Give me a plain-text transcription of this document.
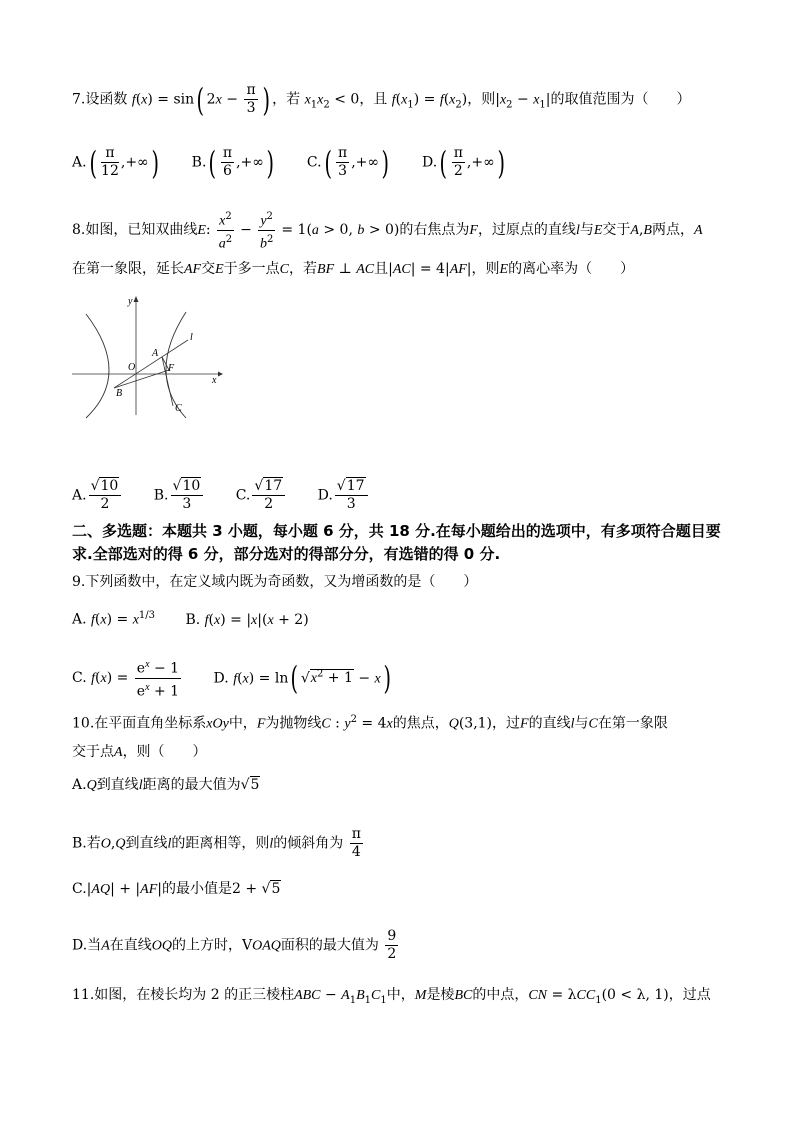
7.设函数 f(x) = sin( $2x - \frac{\pi}{3}$ ) ，若 $x_1x_2 < 0$，且 $f(x_1) = f(x_2)$，则$|x_2 - x_1|$的取值范围为（　　）
$A.( \frac{\pi}{12}$ ,+∞) $B.( \frac{\pi}{6}$ ,+∞) $C.( \frac{\pi}{3}$ ,+∞) $D.( \frac{\pi}{2}$ ,+∞)
8.如图，已知双曲线E: $\frac{x^2}{a^2} - \frac{y^2}{b^2} = 1(a > 0$, b > 0)的右焦点为F，过原点的直线l与E交于A,B两点，A
在第一象限，延长AF交E于多一点C，若BF ⊥ AC且|AC| = 4|AF|，则E的离心率为（　　）
y
l
A
O	F
x
B
C
A. $\frac{√10}{2} B$. $\frac{√10}{3} C$. $\frac{√17}{2} D$. $\frac{√17}{3}$
二、多选题：本题共 3 小题，每小题 6 分，共 18 分.在每小题给出的选项中，有多项符合题目要求.全部选对的得 6 分，部分选对的得部分分，有选错的得 0 分.
9.下列函数中，在定义域内既为奇函数，又为增函数的是（　　）
A. $f(x) = x^{1/3}$ B. f(x) = |x|(x + 2)
C. $f(x) = \frac{e^x - 1}{e^x + 1} D$. f(x) = ln( $√x^2 + 1 - x$)
10.在平面直角坐标系xOy中，F为抛物线C : $y^2 = 4x$的焦点，Q(3,1)，过F的直线l与C在第一象限
交于点A，则（　　）
A.Q到直线l距离的最大值为√5
B.若O,Q到直线l的距离相等，则l的倾斜角为 $\frac{\pi}{4}$
C.|AQ| + |AF|的最小值是2 + √5
D.当A在直线OQ的上方时，VOAQ面积的最大值为 $\frac{9}{2}$
11.如图，在棱长均为 2 的正三棱柱ABC − $A_1B_1C_1$中，M是棱BC的中点，CN = λCC$_1$(0 < λ, 1)，过点
